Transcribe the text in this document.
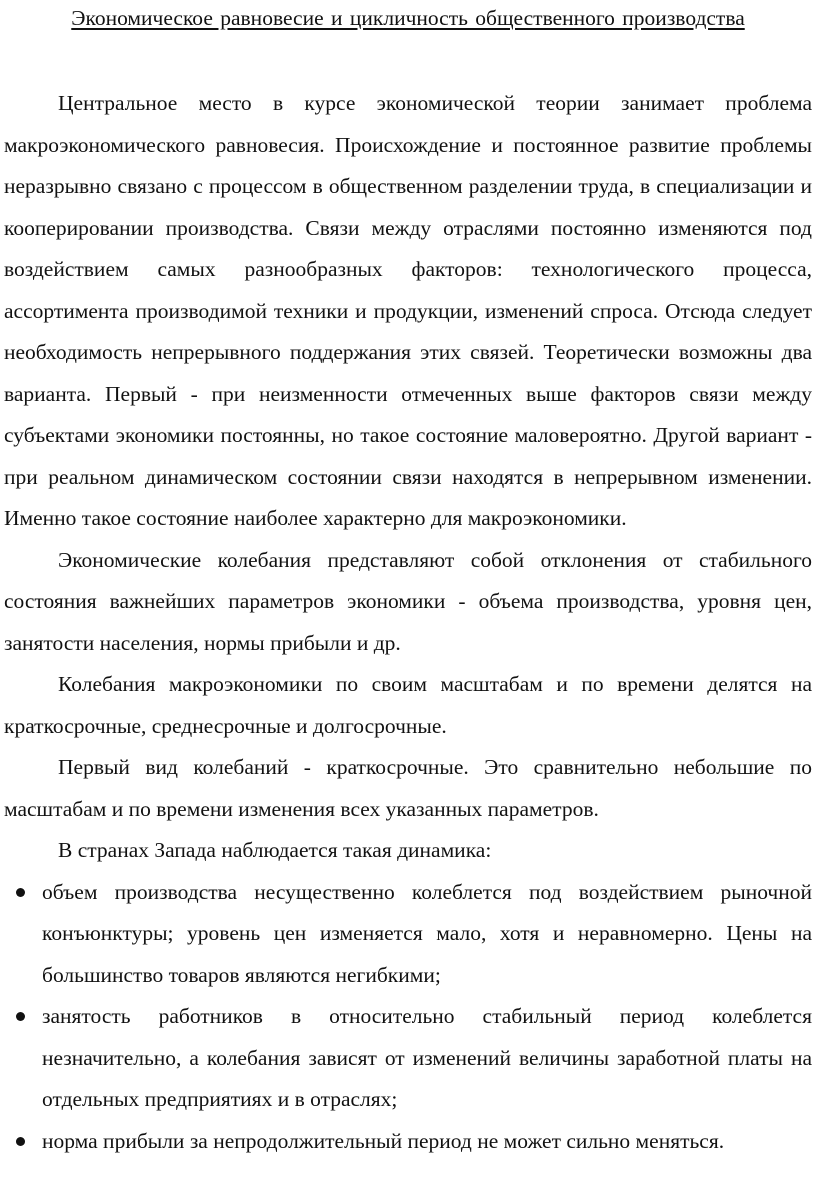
Экономическое равновесие и цикличность общественного производства

Центральное место в курсе экономической теории занимает проблема макроэкономического равновесия. Происхождение и постоянное развитие проблемы неразрывно связано с процессом в общественном разделении труда, в специализации и кооперировании производства. Связи между отраслями постоянно изменяются под воздействием самых разнообразных факторов: технологического процесса, ассортимента производимой техники и продукции, изменений спроса. Отсюда следует необходимость непрерывного поддержания этих связей. Теоретически возможны два варианта. Первый - при неизменности отмеченных выше факторов связи между субъектами экономики постоянны, но такое состояние маловероятно. Другой вариант - при реальном динамическом состоянии связи находятся в непрерывном изменении. Именно такое состояние наиболее характерно для макроэкономики.

Экономические колебания представляют собой отклонения от стабильного состояния важнейших параметров экономики - объема производства, уровня цен, занятости населения, нормы прибыли и др.

Колебания макроэкономики по своим масштабам и по времени делятся на краткосрочные, среднесрочные и долгосрочные.

Первый вид колебаний - краткосрочные. Это сравнительно небольшие по масштабам и по времени изменения всех указанных параметров.

В странах Запада наблюдается такая динамика:

объем производства несущественно колеблется под воздействием рыночной конъюнктуры; уровень цен изменяется мало, хотя и неравномерно. Цены на большинство товаров являются негибкими;
занятость работников в относительно стабильный период колеблется незначительно, а колебания зависят от изменений величины заработной платы на отдельных предприятиях и в отраслях;
норма прибыли за непродолжительный период не может сильно меняться.
